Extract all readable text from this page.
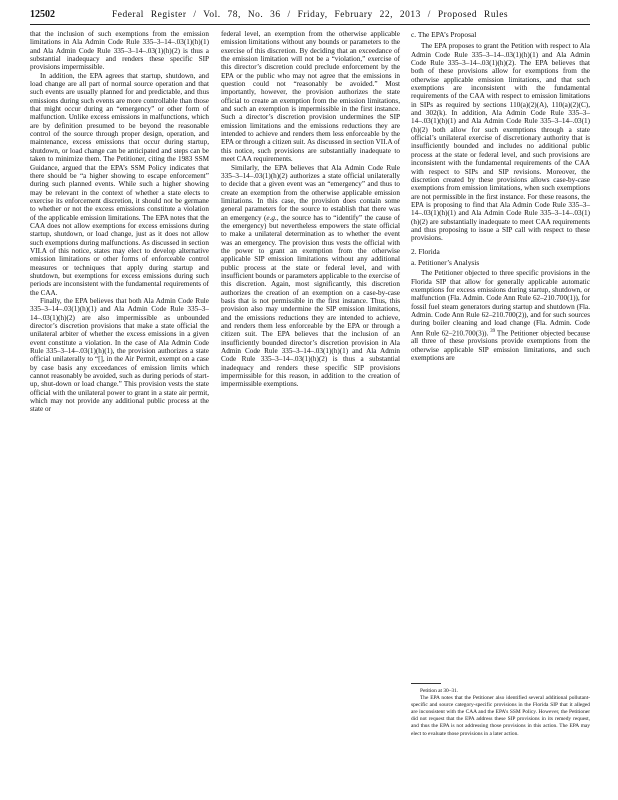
12502	Federal Register / Vol. 78, No. 36 / Friday, February 22, 2013 / Proposed Rules

that the inclusion of such exemptions from the emission limitations in Ala Admin Code Rule 335–3–14–.03(1)(h)(1) and Ala Admin Code Rule 335–3–14–.03(1)(h)(2) is thus a substantial inadequacy and renders these specific SIP provisions impermissible.

In addition, the EPA agrees that startup, shutdown, and load change are all part of normal source operation and that such events are usually planned for and predictable, and thus emissions during such events are more controllable than those that might occur during an “emergency” or other form of malfunction. Unlike excess emissions in malfunctions, which are by definition presumed to be beyond the reasonable control of the source through proper design, operation, and maintenance, excess emissions that occur during startup, shutdown, or load change can be anticipated and steps can be taken to minimize them. The Petitioner, citing the 1983 SSM Guidance, argued that the EPA’s SSM Policy indicates that there should be “a higher showing to escape enforcement” during such planned events. While such a higher showing may be relevant in the context of whether a state elects to exercise its enforcement discretion, it should not be germane to whether or not the excess emissions constitute a violation of the applicable emission limitations. The EPA notes that the CAA does not allow exemptions for excess emissions during startup, shutdown, or load change, just as it does not allow such exemptions during malfunctions. As discussed in section VII.A of this notice, states may elect to develop alternative emission limitations or other forms of enforceable control measures or techniques that apply during startup and shutdown, but exemptions for excess emissions during such periods are inconsistent with the fundamental requirements of the CAA.

Finally, the EPA believes that both Ala Admin Code Rule 335–3–14–.03(1)(h)(1) and Ala Admin Code Rule 335–3–14–.03(1)(h)(2) are also impermissible as unbounded director’s discretion provisions that make a state official the unilateral arbiter of whether the excess emissions in a given event constitute a violation. In the case of Ala Admin Code Rule 335–3–14–.03(1)(h)(1), the provision authorizes a state official unilaterally to “[], in the Air Permit, exempt on a case by case basis any exceedances of emission limits which cannot reasonably be avoided, such as during periods of start-up, shut-down or load change.” This provision vests the state official with the unilateral power to grant in a state air permit, which may not provide any additional public process at the state or

federal level, an exemption from the otherwise applicable emission limitations without any bounds or parameters to the exercise of this discretion. By deciding that an exceedance of the emission limitation will not be a “violation,” exercise of this director’s discretion could preclude enforcement by the EPA or the public who may not agree that the emissions in question could not “reasonably be avoided.” Most importantly, however, the provision authorizes the state official to create an exemption from the emission limitations, and such an exemption is impermissible in the first instance. Such a director’s discretion provision undermines the SIP emission limitations and the emissions reductions they are intended to achieve and renders them less enforceable by the EPA or through a citizen suit. As discussed in section VII.A of this notice, such provisions are substantially inadequate to meet CAA requirements.

Similarly, the EPA believes that Ala Admin Code Rule 335–3–14–.03(1)(h)(2) authorizes a state official unilaterally to decide that a given event was an “emergency” and thus to create an exemption from the otherwise applicable emission limitations. In this case, the provision does contain some general parameters for the source to establish that there was an emergency (e.g., the source has to “identify” the cause of the emergency) but nevertheless empowers the state official to make a unilateral determination as to whether the event was an emergency. The provision thus vests the official with the power to grant an exemption from the otherwise applicable SIP emission limitations without any additional public process at the state or federal level, and with insufficient bounds or parameters applicable to the exercise of this discretion. Again, most significantly, this discretion authorizes the creation of an exemption on a case-by-case basis that is not permissible in the first instance. Thus, this provision also may undermine the SIP emission limitations, and the emissions reductions they are intended to achieve, and renders them less enforceable by the EPA or through a citizen suit. The EPA believes that the inclusion of an insufficiently bounded director’s discretion provision in Ala Admin Code Rule 335–3–14–.03(1)(h)(1) and Ala Admin Code Rule 335–3–14–.03(1)(h)(2) is thus a substantial inadequacy and renders these specific SIP provisions impermissible for this reason, in addition to the creation of impermissible exemptions.

c. The EPA’s Proposal

The EPA proposes to grant the Petition with respect to Ala Admin Code Rule 335–3–14–.03(1)(h)(1) and Ala Admin Code Rule 335–3–14–.03(1)(h)(2). The EPA believes that both of these provisions allow for exemptions from the otherwise applicable emission limitations, and that such exemptions are inconsistent with the fundamental requirements of the CAA with respect to emission limitations in SIPs as required by sections 110(a)(2)(A), 110(a)(2)(C), and 302(k). In addition, Ala Admin Code Rule 335–3–14–.03(1)(h)(1) and Ala Admin Code Rule 335–3–14–.03(1)(h)(2) both allow for such exemptions through a state official’s unilateral exercise of discretionary authority that is insufficiently bounded and includes no additional public process at the state or federal level, and such provisions are inconsistent with the fundamental requirements of the CAA with respect to SIPs and SIP revisions. Moreover, the discretion created by these provisions allows case-by-case exemptions from emission limitations, when such exemptions are not permissible in the first instance. For these reasons, the EPA is proposing to find that Ala Admin Code Rule 335–3–14–.03(1)(h)(1) and Ala Admin Code Rule 335–3–14–.03(1)(h)(2) are substantially inadequate to meet CAA requirements and thus proposing to issue a SIP call with respect to these provisions.

2. Florida

a. Petitioner’s Analysis

The Petitioner objected to three specific provisions in the Florida SIP that allow for generally applicable automatic exemptions for excess emissions during startup, shutdown, or malfunction (Fla. Admin. Code Ann Rule 62–210.700(1)), for fossil fuel steam generators during startup and shutdown (Fla. Admin. Code Ann Rule 62–210.700(2)), and for such sources during boiler cleaning and load change (Fla. Admin. Code Ann Rule 62–210.700(3)). $^{39}$ The Petitioner objected because all three of these provisions provide exemptions from the otherwise applicable SIP emission limitations, and such exemptions are

Petition at 30–31.

The EPA notes that the Petitioner also identified several additional pollutant-specific and source category-specific provisions in the Florida SIP that it alleged are inconsistent with the CAA and the EPA’s SSM Policy. However, the Petitioner did not request that the EPA address these SIP provisions in its remedy request, and thus the EPA is not addressing those provisions in this action. The EPA may elect to evaluate those provisions in a later action.
